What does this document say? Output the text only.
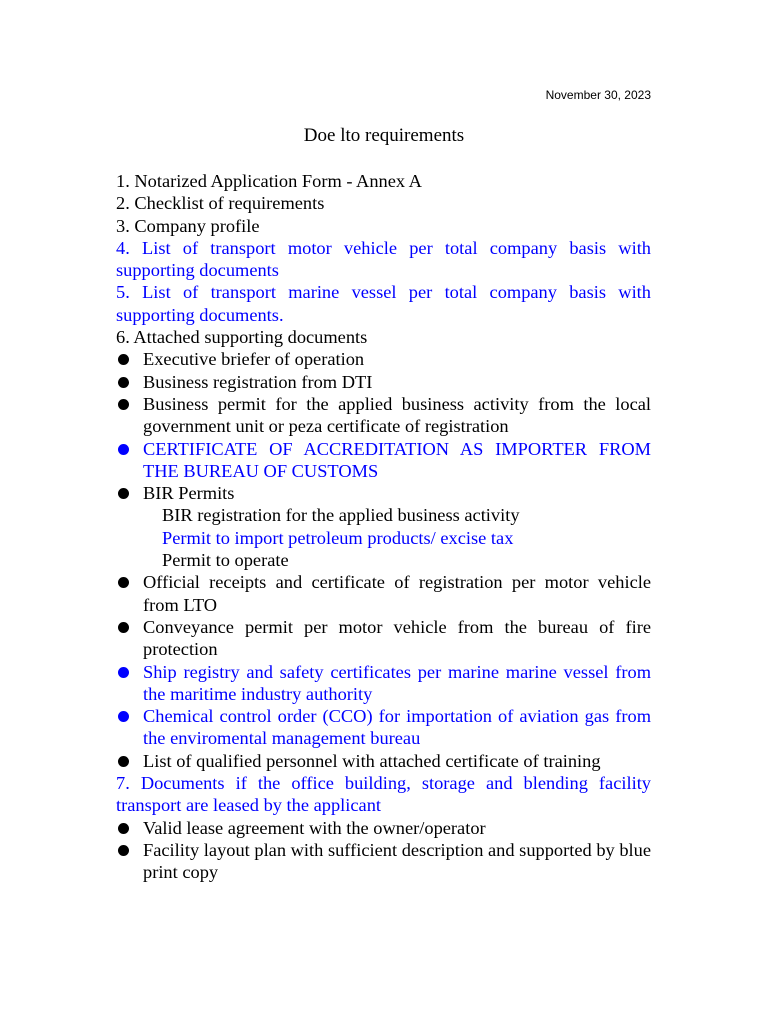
November 30, 2023
Doe lto requirements

1. Notarized Application Form - Annex A

2. Checklist of requirements

3. Company profile

4. List of transport motor vehicle per total company basis with supporting documents

5. List of transport marine vessel per total company basis with supporting documents.

6. Attached supporting documents

Executive briefer of operation
Business registration from DTI
Business permit for the applied business activity from the local government unit or peza certificate of registration
CERTIFICATE OF ACCREDITATION AS IMPORTER FROM THE BUREAU OF CUSTOMS
BIR Permits

BIR registration for the applied business activity

Permit to import petroleum products/ excise tax

Permit to operate

Official receipts and certificate of registration per motor vehicle from LTO
Conveyance permit per motor vehicle from the bureau of fire protection
Ship registry and safety certificates per marine marine vessel from the maritime industry authority
Chemical control order (CCO) for importation of aviation gas from the enviromental management bureau
List of qualified personnel with attached certificate of training

7. Documents if the office building, storage and blending facility transport are leased by the applicant

Valid lease agreement with the owner/operator
Facility layout plan with sufficient description and supported by blue print copy
